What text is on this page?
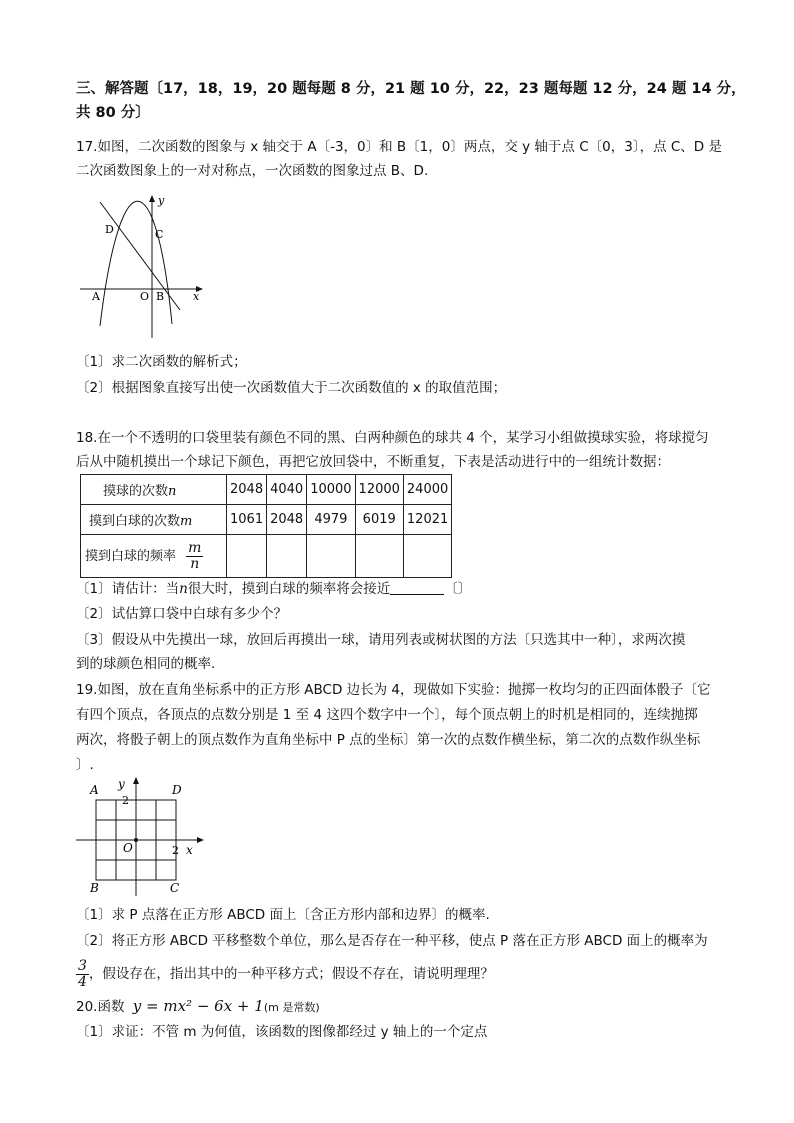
三、解答题〔17，18，19，20 题每题 8 分，21 题 10 分，22，23 题每题 12 分，24 题 14 分，
共 80 分〕
17.如图，二次函数的图象与 x 轴交于 A〔-3，0〕和 B〔1，0〕两点，交 y 轴于点 C〔0，3〕，点 C、D 是
二次函数图象上的一对对称点，一次函数的图象过点 B、D.
y
x
D	C
A	O B
〔1〕求二次函数的解析式；
〔2〕根据图象直接写出使一次函数值大于二次函数值的 x 的取值范围；
18.在一个不透明的口袋里装有颜色不同的黑、白两种颜色的球共 4 个，某学习小组做摸球实验，将球搅匀
后从中随机摸出一个球记下颜色，再把它放回袋中，不断重复，下表是活动进行中的一组统计数据：
摸球的次数n	2048	4040	10000	12000	24000
摸到白球的次数m	1061	2048	4979	6019	12021
摸到白球的频率 $\frac{m}{n}$

〔1〕请估计：当n很大时，摸到白球的频率将会接近	〔〕
〔2〕试估算口袋中白球有多少个？
〔3〕假设从中先摸出一球，放回后再摸出一球，请用列表或树状图的方法〔只选其中一种〕，求两次摸
到的球颜色相同的概率.
19.如图，放在直角坐标系中的正方形 ABCD 边长为 4，现做如下实验：抛掷一枚均匀的正四面体骰子〔它
有四个顶点，各顶点的点数分别是 1 至 4 这四个数字中一个〕，每个顶点朝上的时机是相同的，连续抛掷
两次，将骰子朝上的顶点数作为直角坐标中 P 点的坐标〕第一次的点数作横坐标，第二次的点数作纵坐标
〕.
A	D
B	C
y
2
O	2 x
〔1〕求 P 点落在正方形 ABCD 面上〔含正方形内部和边界〕的概率.
〔2〕将正方形 ABCD 平移整数个单位，那么是否存在一种平移，使点 P 落在正方形 ABCD 面上的概率为
$\frac{3}{4}$ ，假设存在，指出其中的一种平移方式；假设不存在，请说明理理？
20.函数 y = mx² − 6x + 1(m 是常数)
〔1〕求证：不管 m 为何值，该函数的图像都经过 y 轴上的一个定点
